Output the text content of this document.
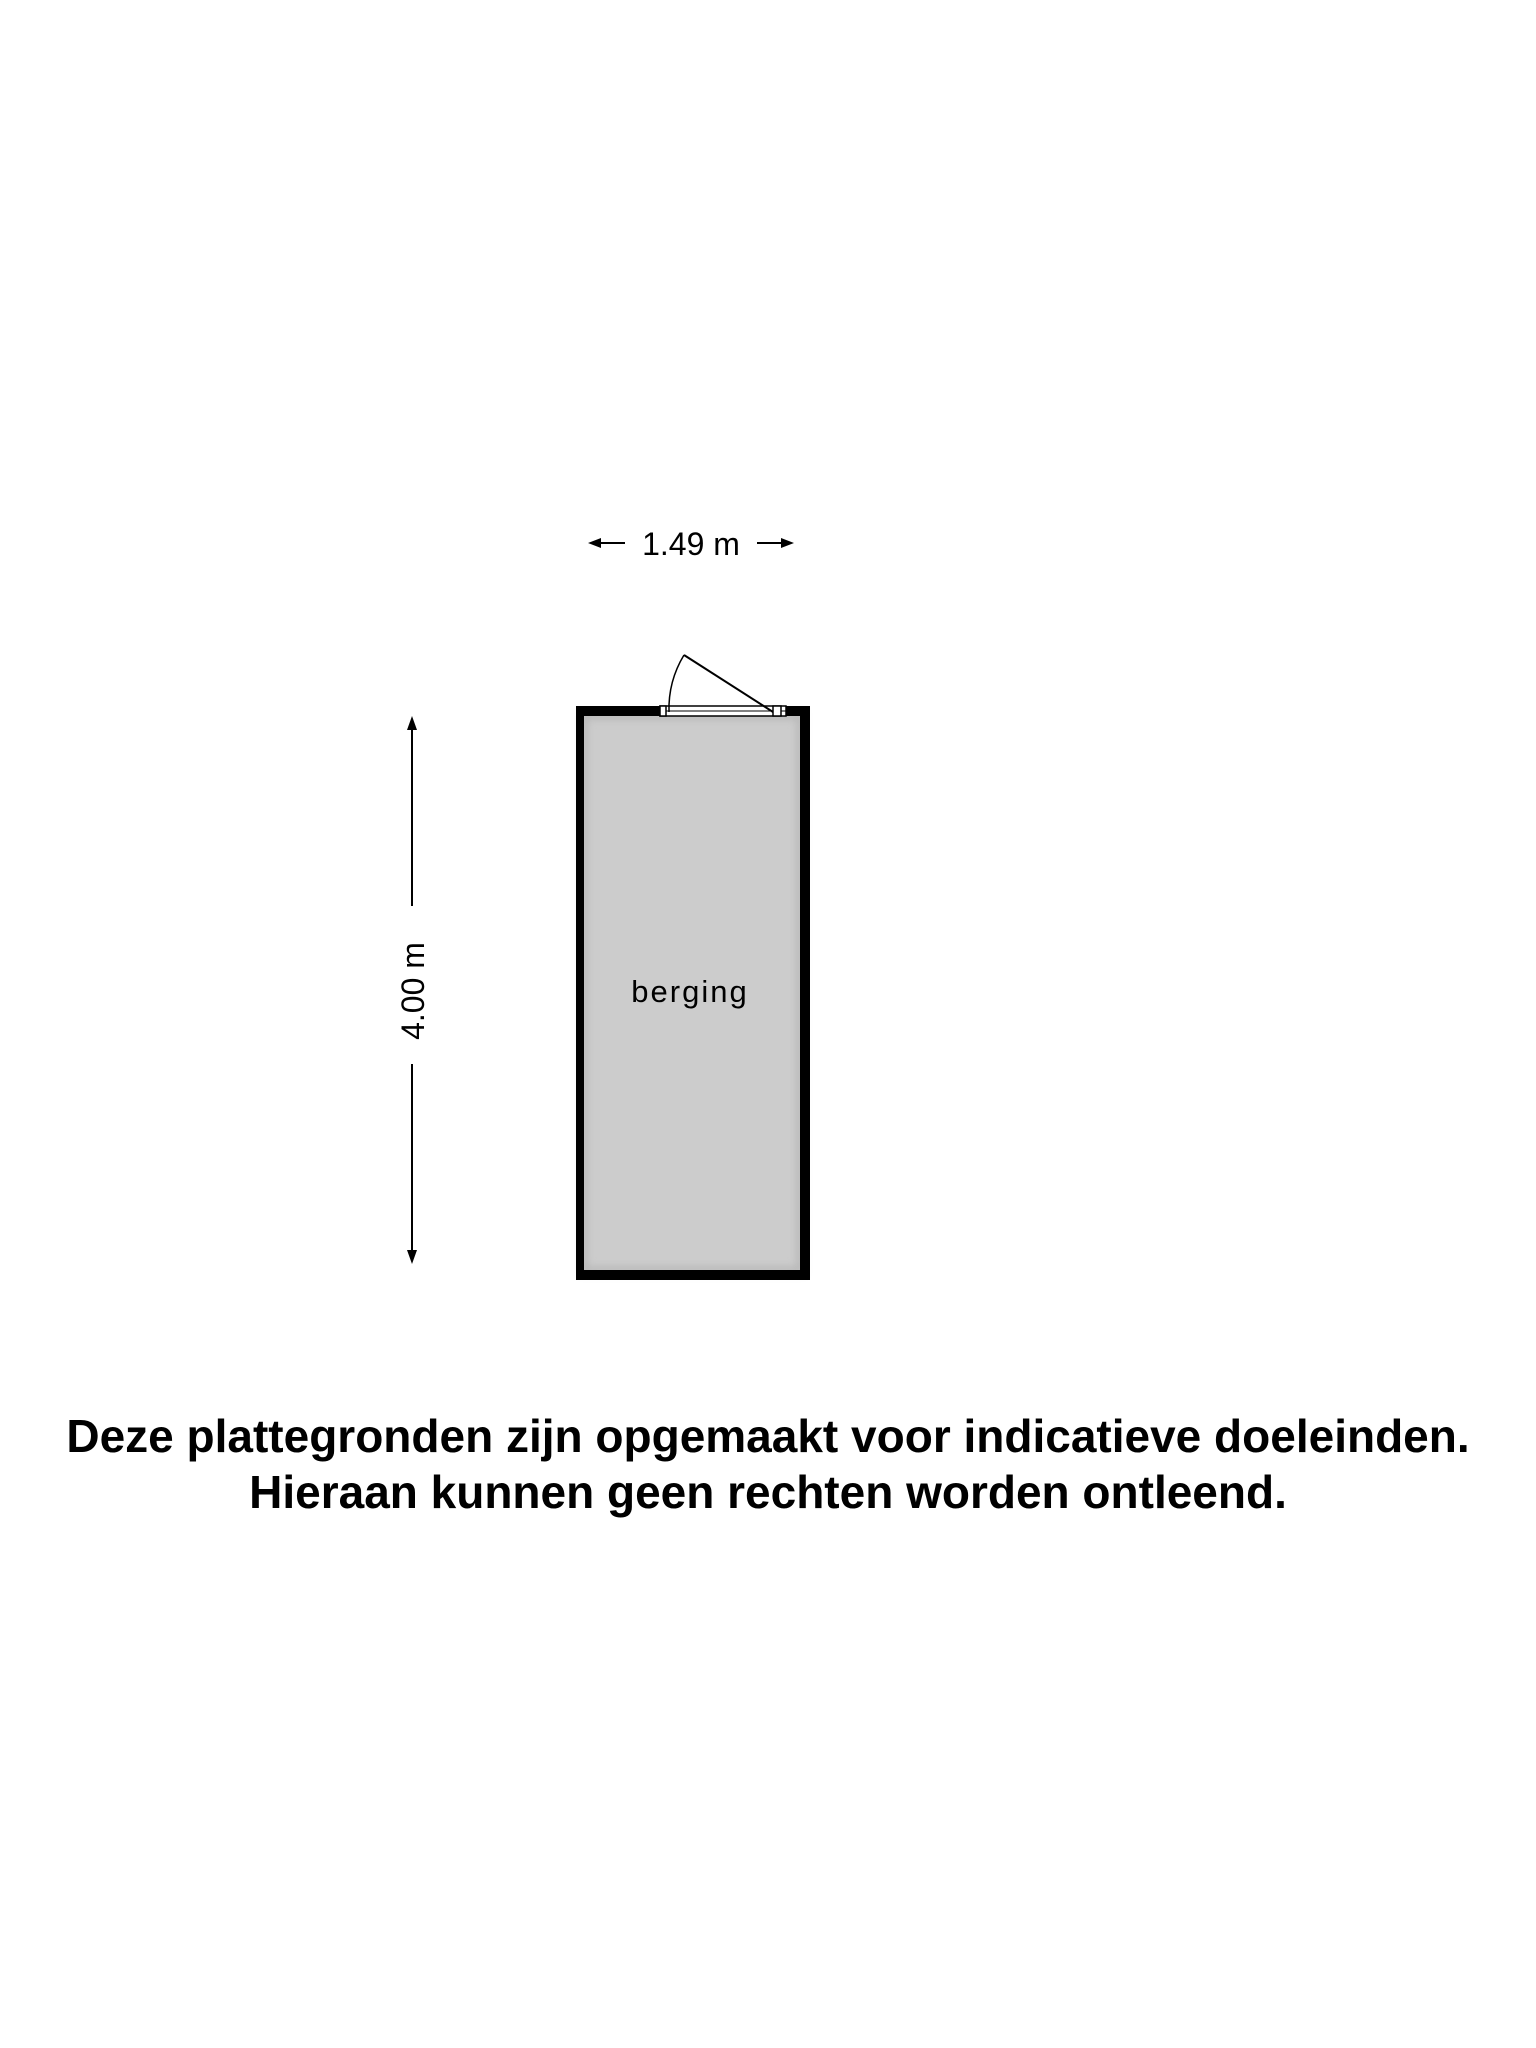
1.49 m
4.00 m	berging
Deze plattegronden zijn opgemaakt voor indicatieve doeleinden.
Hieraan kunnen geen rechten worden ontleend.
